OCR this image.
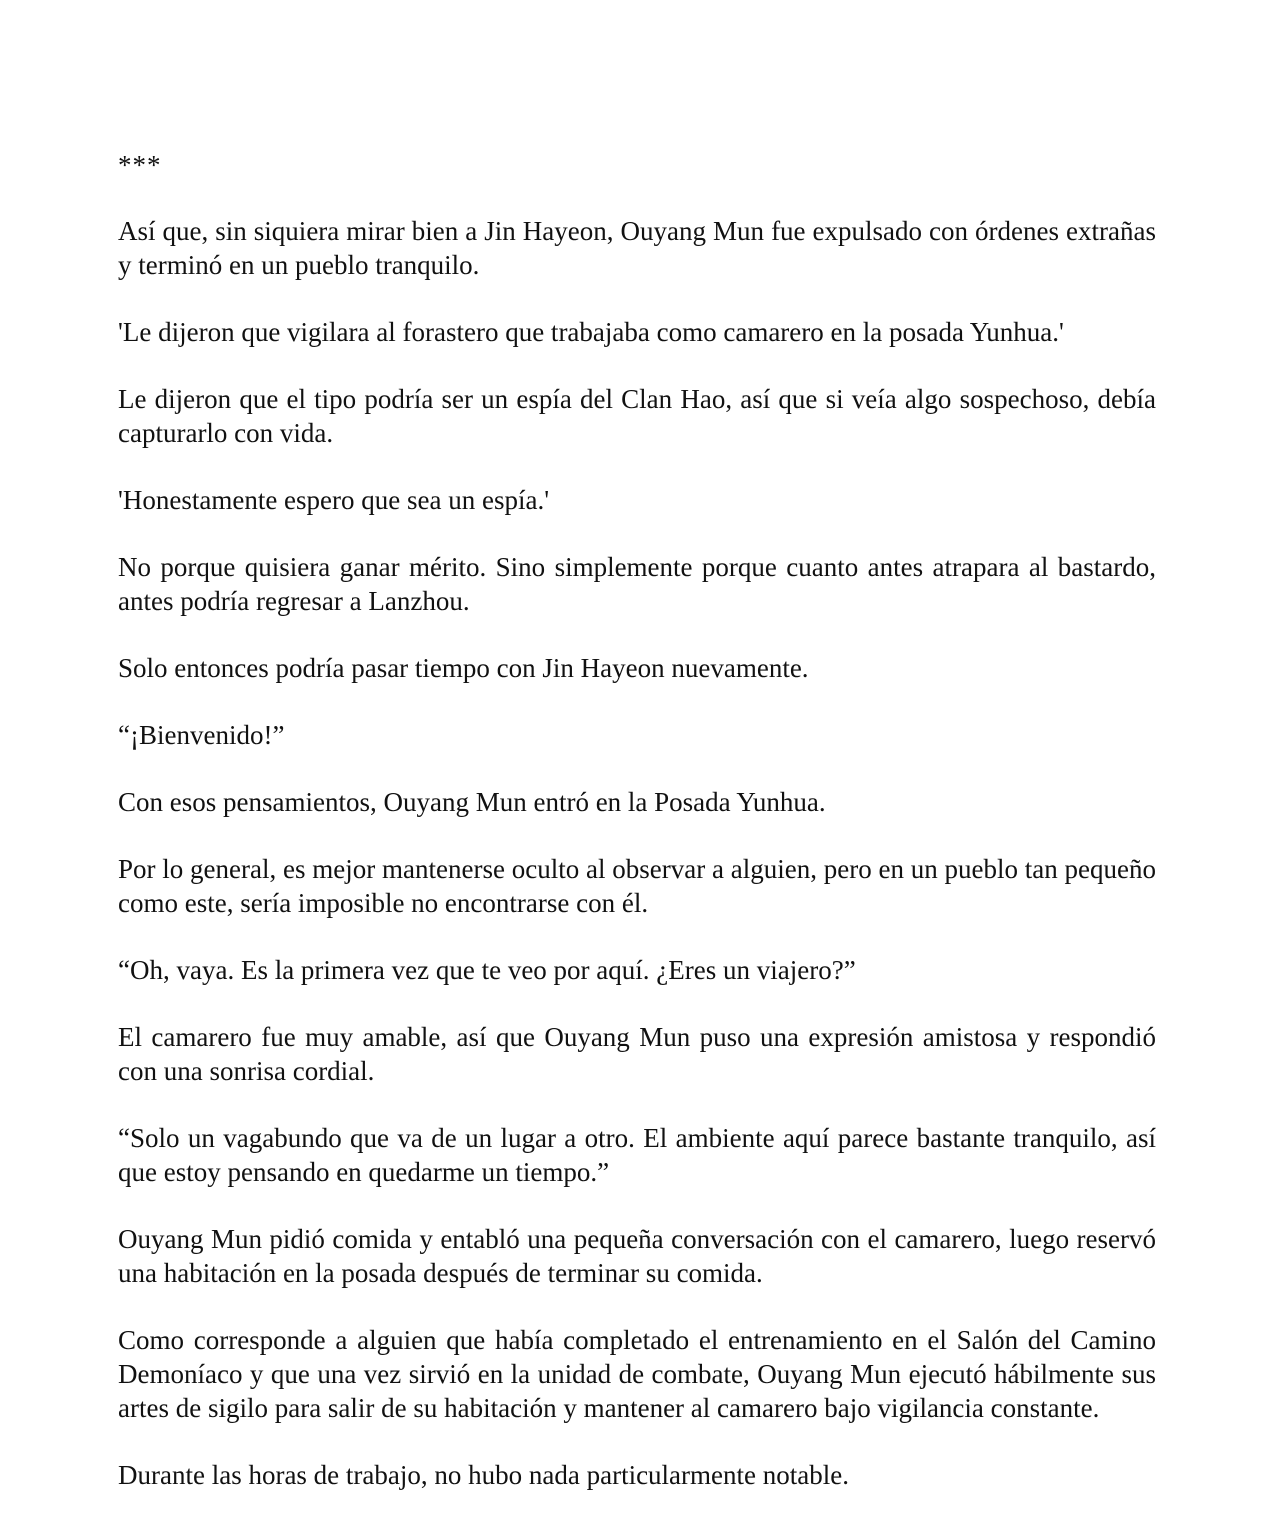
***

Así que, sin siquiera mirar bien a Jin Hayeon, Ouyang Mun fue expulsado con órdenes extrañas y terminó en un pueblo tranquilo.

'Le dijeron que vigilara al forastero que trabajaba como camarero en la posada Yunhua.'

Le dijeron que el tipo podría ser un espía del Clan Hao, así que si veía algo sospechoso, debía capturarlo con vida.

'Honestamente espero que sea un espía.'

No porque quisiera ganar mérito. Sino simplemente porque cuanto antes atrapara al bastardo, antes podría regresar a Lanzhou.

Solo entonces podría pasar tiempo con Jin Hayeon nuevamente.

“¡Bienvenido!”

Con esos pensamientos, Ouyang Mun entró en la Posada Yunhua.

Por lo general, es mejor mantenerse oculto al observar a alguien, pero en un pueblo tan pequeño como este, sería imposible no encontrarse con él.

“Oh, vaya. Es la primera vez que te veo por aquí. ¿Eres un viajero?”

El camarero fue muy amable, así que Ouyang Mun puso una expresión amistosa y respondió con una sonrisa cordial.

“Solo un vagabundo que va de un lugar a otro. El ambiente aquí parece bastante tranquilo, así que estoy pensando en quedarme un tiempo.”

Ouyang Mun pidió comida y entabló una pequeña conversación con el camarero, luego reservó una habitación en la posada después de terminar su comida.

Como corresponde a alguien que había completado el entrenamiento en el Salón del Camino Demoníaco y que una vez sirvió en la unidad de combate, Ouyang Mun ejecutó hábilmente sus artes de sigilo para salir de su habitación y mantener al camarero bajo vigilancia constante.

Durante las horas de trabajo, no hubo nada particularmente notable.
